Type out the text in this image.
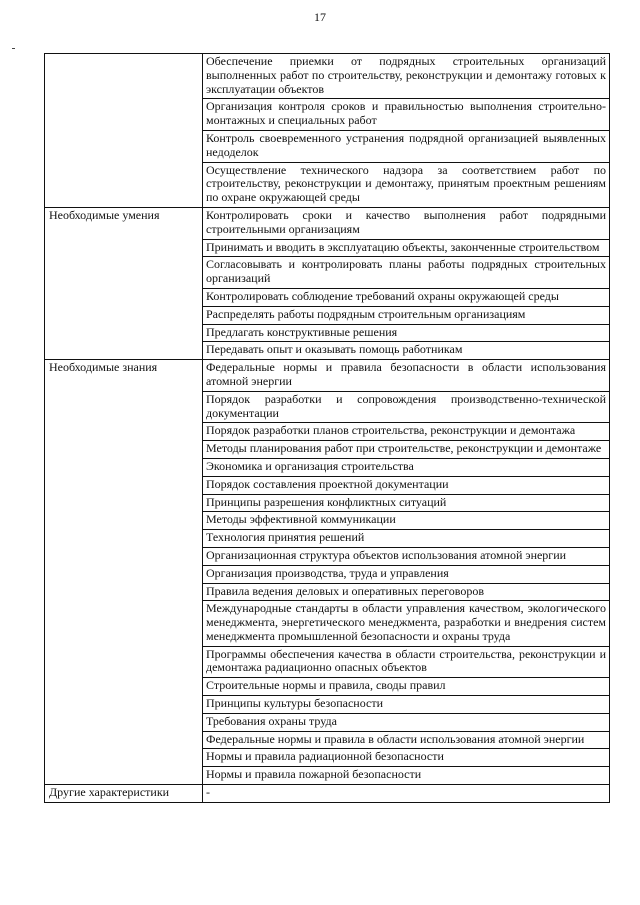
17
	Обеспечение приемки от подрядных строительных организаций выполненных работ по строительству, реконструкции и демонтажу готовых к эксплуатации объектов
	Организация контроля сроков и правильностью выполнения строительно-монтажных и специальных работ
	Контроль своевременного устранения подрядной организацией выявленных недоделок
	Осуществление технического надзора за соответствием работ по строительству, реконструкции и демонтажу, принятым проектным решениям по охране окружающей среды
Необходимые умения	Контролировать сроки и качество выполнения работ подрядными строительными организациям
	Принимать и вводить в эксплуатацию объекты, законченные строительством
	Согласовывать и контролировать планы работы подрядных строительных организаций
	Контролировать соблюдение требований охраны окружающей среды
	Распределять работы подрядным строительным организациям
	Предлагать конструктивные решения
	Передавать опыт и оказывать помощь работникам
Необходимые знания	Федеральные нормы и правила безопасности в области использования атомной энергии
	Порядок разработки и сопровождения производственно-технической документации
	Порядок разработки планов строительства, реконструкции и демонтажа
	Методы планирования работ при строительстве, реконструкции и демонтаже
	Экономика и организация строительства
	Порядок составления проектной документации
	Принципы разрешения конфликтных ситуаций
	Методы эффективной коммуникации
	Технология принятия решений
	Организационная структура объектов использования атомной энергии
	Организация производства, труда и управления
	Правила ведения деловых и оперативных переговоров
	Международные стандарты в области управления качеством, экологического менеджмента, энергетического менеджмента, разработки и внедрения систем менеджмента промышленной безопасности и охраны труда
	Программы обеспечения качества в области строительства, реконструкции и демонтажа радиационно опасных объектов
	Строительные нормы и правила, своды правил
	Принципы культуры безопасности
	Требования охраны труда
	Федеральные нормы и правила в области использования атомной энергии
	Нормы и правила радиационной безопасности
	Нормы и правила пожарной безопасности
Другие характеристики	-
